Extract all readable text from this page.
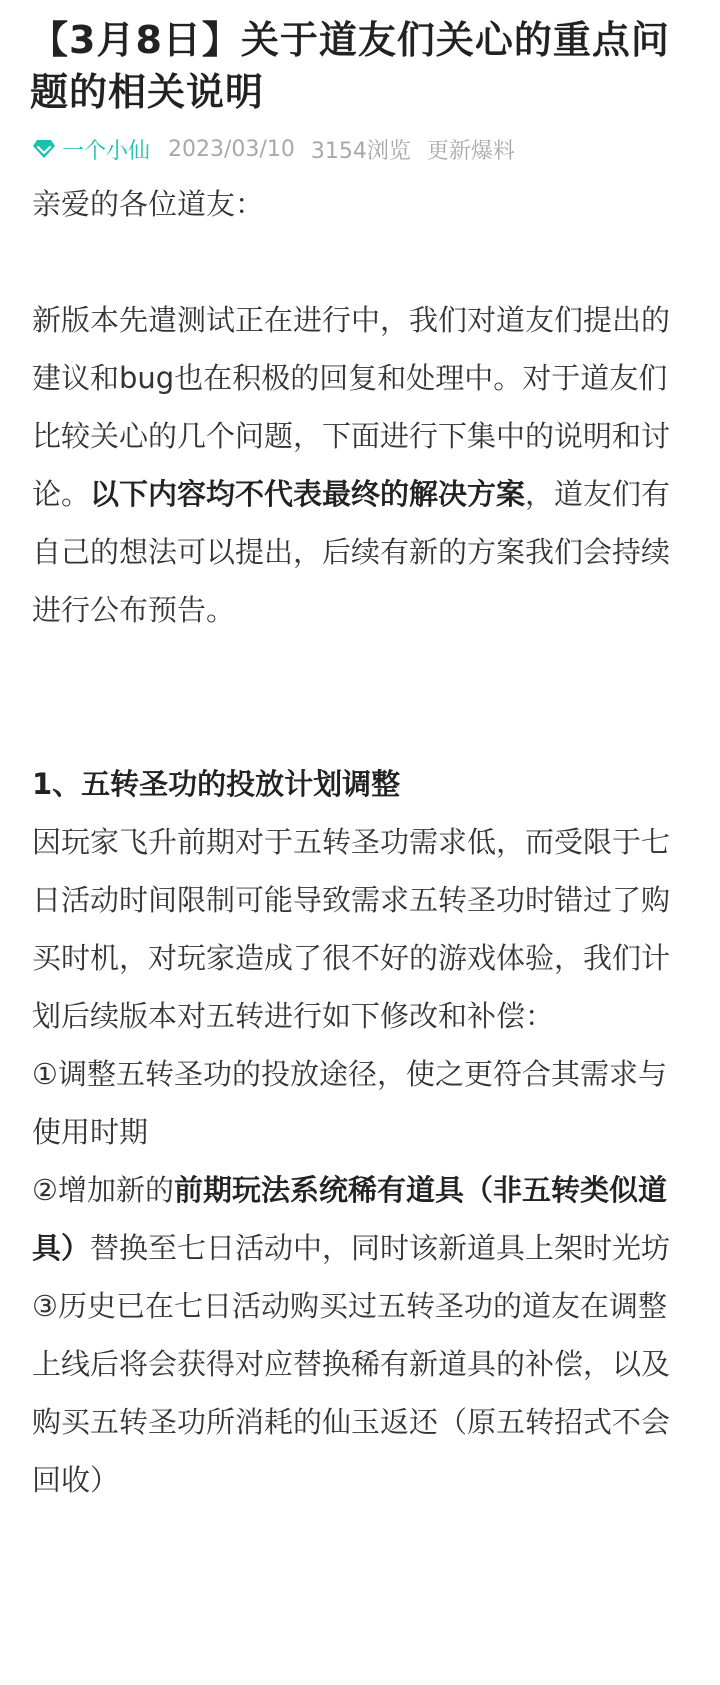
【3月8日】关于道友们关心的重点问题的相关说明
一个小仙 2023/03/10 3154浏览 更新爆料

亲爱的各位道友：

新版本先遣测试正在进行中，我们对道友们提出的建议和bug也在积极的回复和处理中。对于道友们比较关心的几个问题，下面进行下集中的说明和讨论。以下内容均不代表最终的解决方案，道友们有自己的想法可以提出，后续有新的方案我们会持续进行公布预告。

1、五转圣功的投放计划调整

因玩家飞升前期对于五转圣功需求低，而受限于七日活动时间限制可能导致需求五转圣功时错过了购买时机，对玩家造成了很不好的游戏体验，我们计划后续版本对五转进行如下修改和补偿：

①调整五转圣功的投放途径，使之更符合其需求与使用时期

②增加新的前期玩法系统稀有道具（非五转类似道具）替换至七日活动中，同时该新道具上架时光坊

③历史已在七日活动购买过五转圣功的道友在调整上线后将会获得对应替换稀有新道具的补偿，以及购买五转圣功所消耗的仙玉返还（原五转招式不会回收）
